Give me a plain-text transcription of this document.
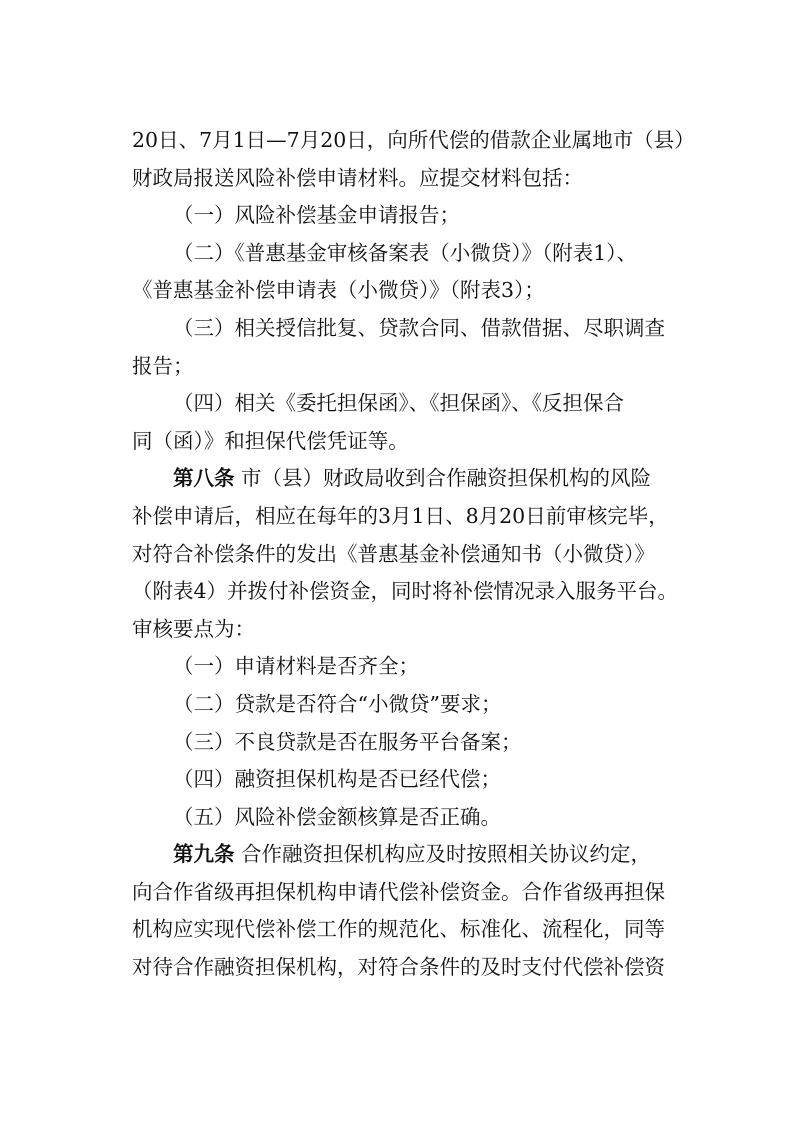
20日、7月1日—7月20日，向所代偿的借款企业属地市（县）
财政局报送风险补偿申请材料。应提交材料包括：
（一）风险补偿基金申请报告；
（二）《普惠基金审核备案表（小微贷）》（附表1）、
《普惠基金补偿申请表（小微贷）》（附表3）；
（三）相关授信批复、贷款合同、借款借据、尽职调查
报告；
（四）相关《委托担保函》、《担保函》、《反担保合
同（函）》和担保代偿凭证等。
第八条 市（县）财政局收到合作融资担保机构的风险
补偿申请后，相应在每年的3月1日、8月20日前审核完毕，
对符合补偿条件的发出《普惠基金补偿通知书（小微贷）》
（附表4）并拨付补偿资金，同时将补偿情况录入服务平台。
审核要点为：
（一）申请材料是否齐全；
（二）贷款是否符合“小微贷”要求；
（三）不良贷款是否在服务平台备案；
（四）融资担保机构是否已经代偿；
（五）风险补偿金额核算是否正确。
第九条 合作融资担保机构应及时按照相关协议约定，
向合作省级再担保机构申请代偿补偿资金。合作省级再担保
机构应实现代偿补偿工作的规范化、标准化、流程化，同等
对待合作融资担保机构，对符合条件的及时支付代偿补偿资
